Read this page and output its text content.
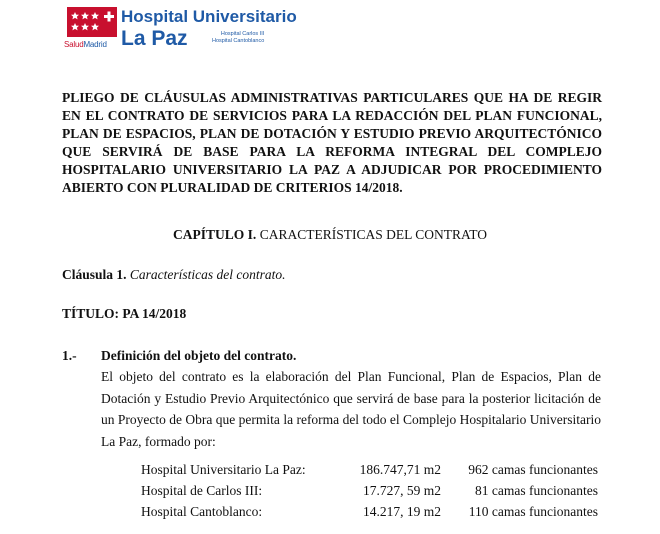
SaludMadrid
Hospital Universitario
La Paz	Hospital Carlos III
Hospital Cantoblanco

PLIEGO DE CLÁUSULAS ADMINISTRATIVAS PARTICULARES QUE HA DE REGIR EN EL CONTRATO DE SERVICIOS PARA LA REDACCIÓN DEL PLAN FUNCIONAL, PLAN DE ESPACIOS, PLAN DE DOTACIÓN Y ESTUDIO PREVIO ARQUITECTÓNICO QUE SERVIRÁ DE BASE PARA LA REFORMA INTEGRAL DEL COMPLEJO HOSPITALARIO UNIVERSITARIO LA PAZ A ADJUDICAR POR PROCEDIMIENTO ABIERTO CON PLURALIDAD DE CRITERIOS 14/2018.

CAPÍTULO I. CARACTERÍSTICAS DEL CONTRATO
Cláusula 1. Características del contrato.
TÍTULO: PA 14/2018
1.- Definición del objeto del contrato.

El objeto del contrato es la elaboración del Plan Funcional, Plan de Espacios, Plan de Dotación y Estudio Previo Arquitectónico que servirá de base para la posterior licitación de un Proyecto de Obra que permita la reforma del todo el Complejo Hospitalario Universitario La Paz, formado por:

Hospital Universitario La Paz:	186.747,71 m2	962 camas funcionantes
Hospital de Carlos III:	17.727, 59 m2	81 camas funcionantes
Hospital Cantoblanco:	14.217, 19 m2	110 camas funcionantes
